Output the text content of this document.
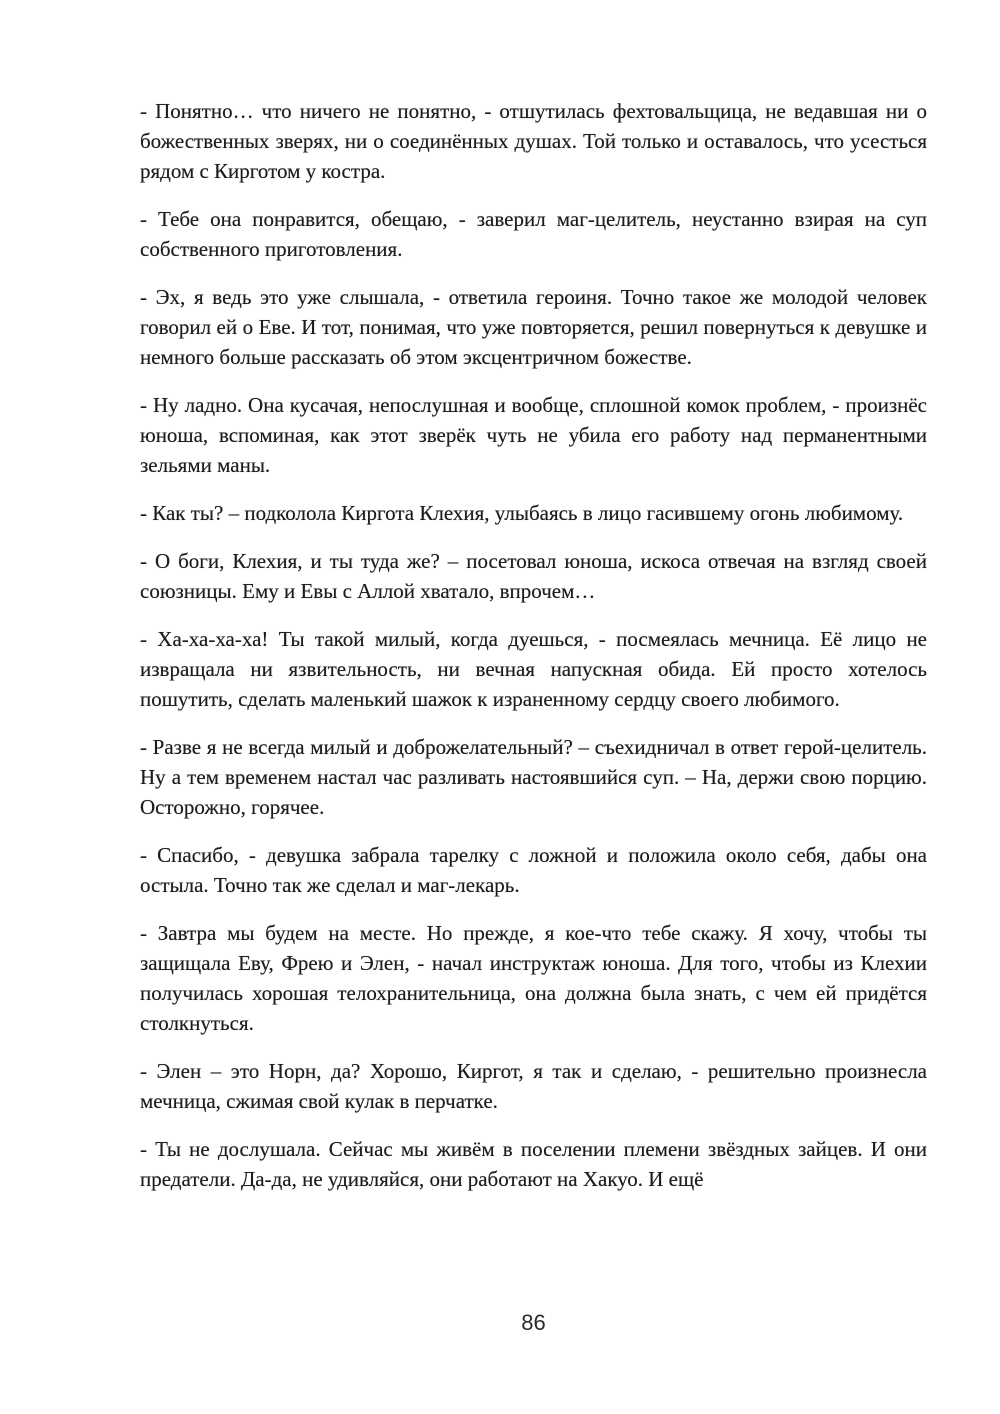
- Понятно… что ничего не понятно, - отшутилась фехтовальщица, не ведавшая ни о божественных зверях, ни о соединённых душах. Той только и оставалось, что усесться рядом с Кирготом у костра.

- Тебе она понравится, обещаю, - заверил маг-целитель, неустанно взирая на суп собственного приготовления.

- Эх, я ведь это уже слышала, - ответила героиня. Точно такое же молодой человек говорил ей о Еве. И тот, понимая, что уже повторяется, решил повернуться к девушке и немного больше рассказать об этом эксцентричном божестве.

- Ну ладно. Она кусачая, непослушная и вообще, сплошной комок проблем, - произнёс юноша, вспоминая, как этот зверёк чуть не убила его работу над перманентными зельями маны.

- Как ты? – подколола Киргота Клехия, улыбаясь в лицо гасившему огонь любимому.

- О боги, Клехия, и ты туда же? – посетовал юноша, искоса отвечая на взгляд своей союзницы. Ему и Евы с Аллой хватало, впрочем…

- Ха-ха-ха-ха! Ты такой милый, когда дуешься, - посмеялась мечница. Её лицо не извращала ни язвительность, ни вечная напускная обида. Ей просто хотелось пошутить, сделать маленький шажок к израненному сердцу своего любимого.

- Разве я не всегда милый и доброжелательный? – съехидничал в ответ герой-целитель. Ну а тем временем настал час разливать настоявшийся суп. – На, держи свою порцию. Осторожно, горячее.

- Спасибо, - девушка забрала тарелку с ложной и положила около себя, дабы она остыла. Точно так же сделал и маг-лекарь.

- Завтра мы будем на месте. Но прежде, я кое-что тебе скажу. Я хочу, чтобы ты защищала Еву, Фрею и Элен, - начал инструктаж юноша. Для того, чтобы из Клехии получилась хорошая телохранительница, она должна была знать, с чем ей придётся столкнуться.

- Элен – это Норн, да? Хорошо, Киргот, я так и сделаю, - решительно произнесла мечница, сжимая свой кулак в перчатке.

- Ты не дослушала. Сейчас мы живём в поселении племени звёздных зайцев. И они предатели. Да-да, не удивляйся, они работают на Хакуо. И ещё

86
